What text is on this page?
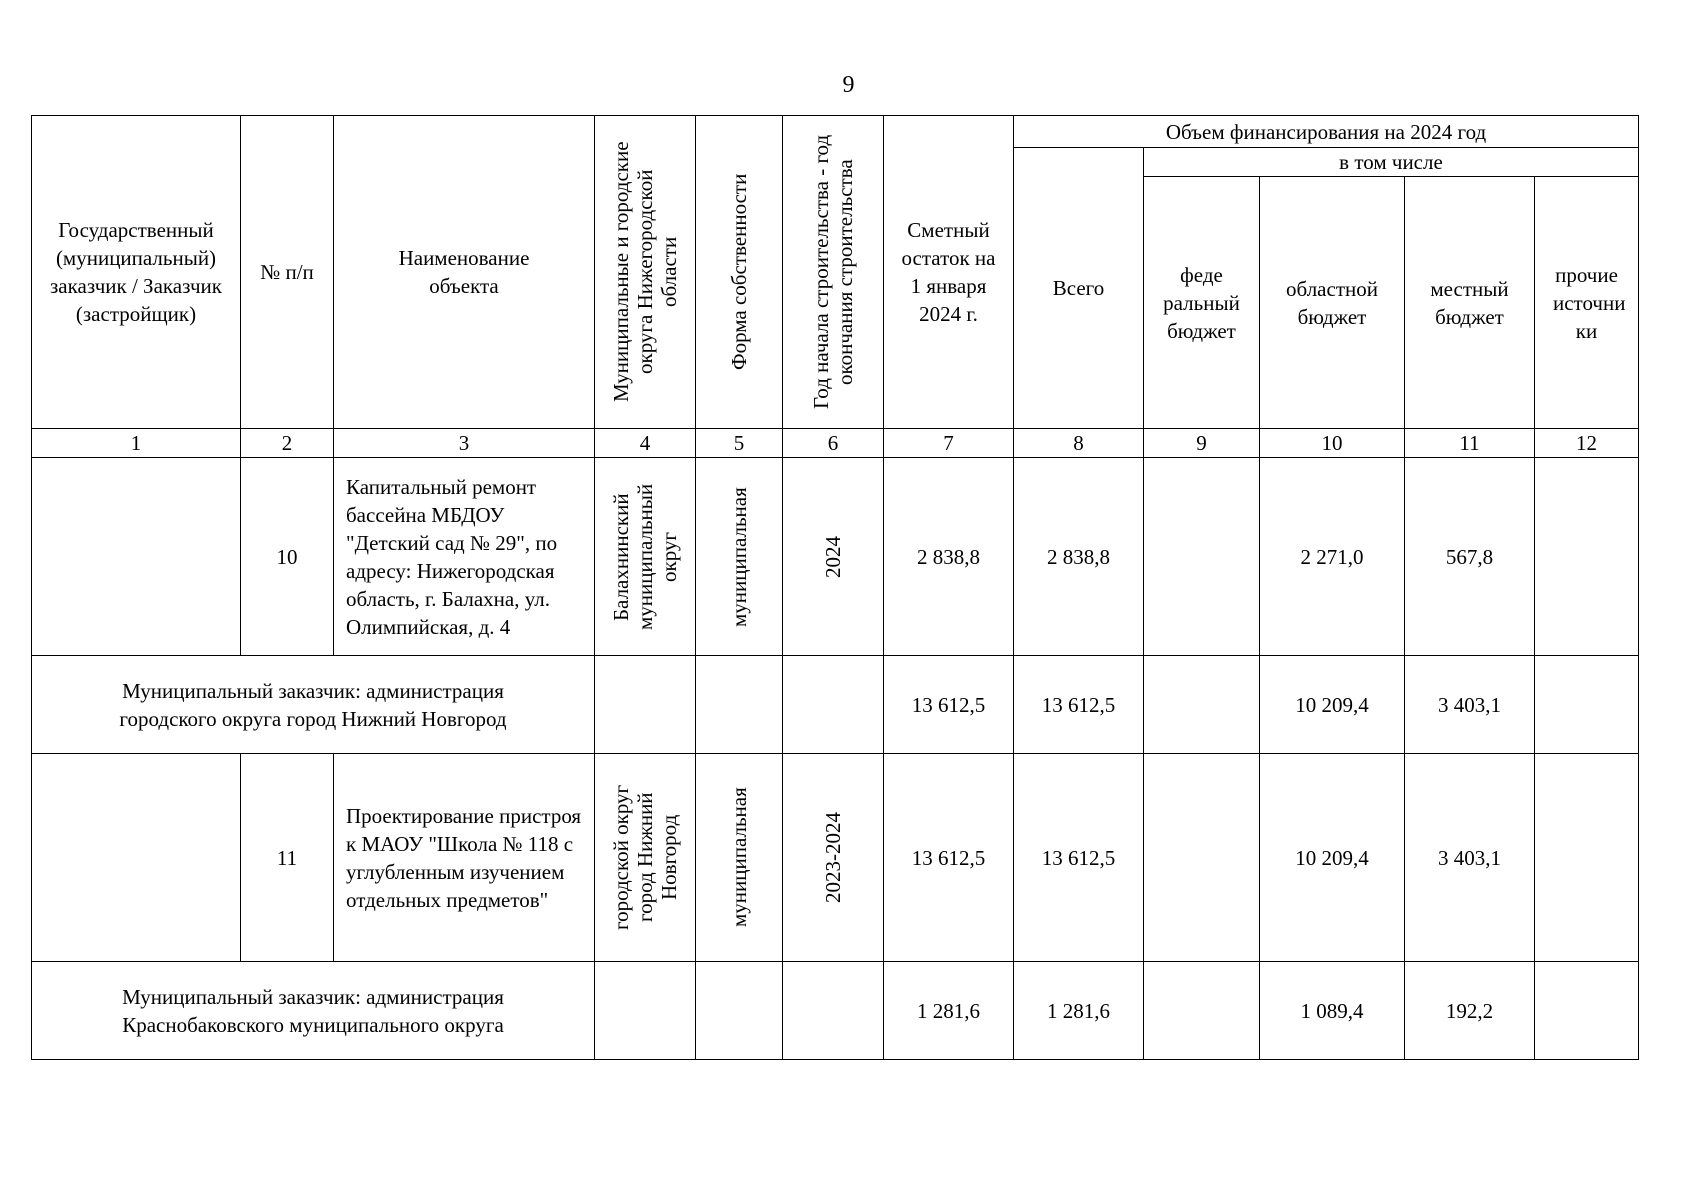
9
Государственный (муниципальный) заказчик / Заказчик (застройщик)	№ п/п	Наименование объекта	Муниципальные и городские округа Нижегородской области	Форма собственности	Год начала строительства - год окончания строительства	Сметный остаток на 1 января 2024 г.	Объем финансирования на 2024 год				
							Всего	в том числе			
								феде ральный бюджет	областной бюджет	местный бюджет	прочие источни ки
1	2	3	4	5	6	7	8	9	10	11	12
	10	Капитальный ремонт бассейна МБДОУ "Детский сад № 29", по адресу: Нижегородская область, г. Балахна, ул. Олимпийская, д. 4	Балахнинский муниципальный округ	муниципальная	2024	2 838,8	2 838,8		2 271,0	567,8	
Муниципальный заказчик: администрация городского округа город Нижний Новгород						13 612,5	13 612,5		10 209,4	3 403,1	
	11	Проектирование пристроя к МАОУ "Школа № 118 с углубленным изучением отдельных предметов"	городской округ город Нижний Новгород	муниципальная	2023-2024	13 612,5	13 612,5		10 209,4	3 403,1	
Муниципальный заказчик: администрация Краснобаковского муниципального округа						1 281,6	1 281,6		1 089,4	192,2	
